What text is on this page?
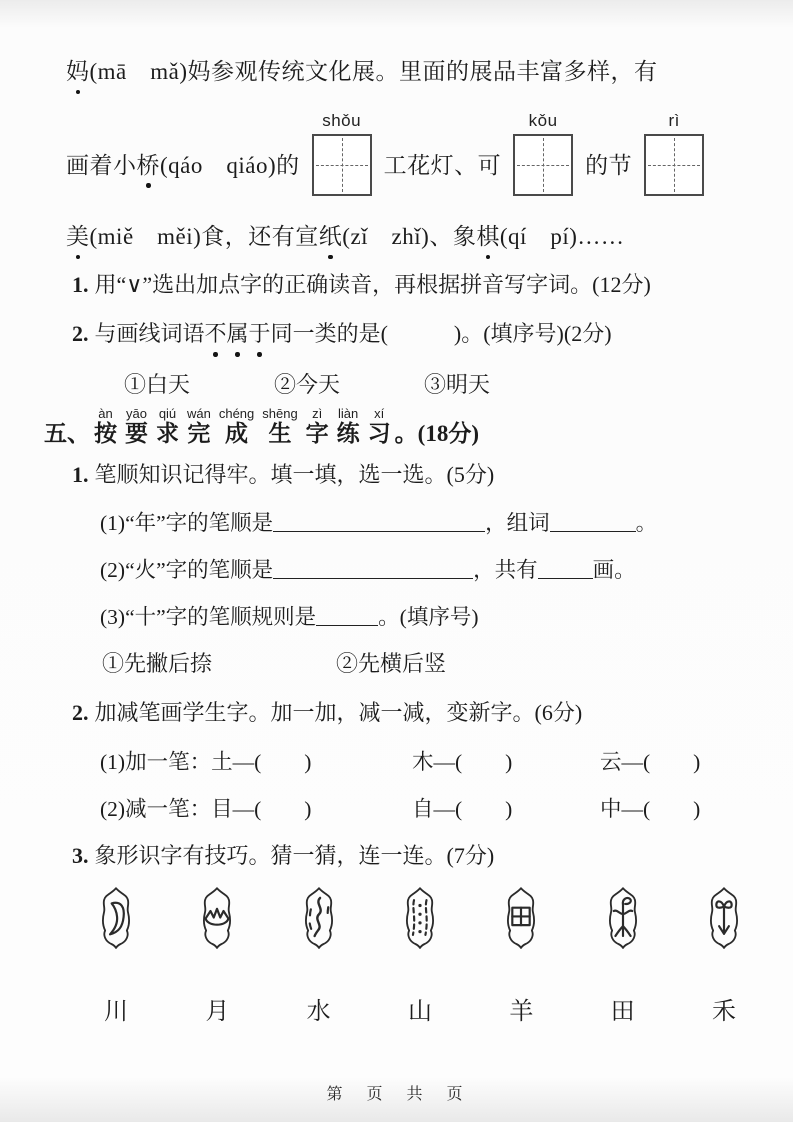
妈(mā　mǎ)妈参观传统文化展。里面的展品丰富多样，有

画着小 桥 (qáo　qiáo)的
shǒu
工花灯、可
kǒu
的节
rì

美(miě　měi)食，还有宣纸(zǐ　zhǐ)、象棋(qí　pí)……

1. 用“∨”选出加点字的正确读音，再根据拼音写字词。(12分)

2. 与画线词语不属于同一类的是(　　　)。(填序号)(2分)

①白天	②今天	③明天
五、 按àn要yāo求qiú完wán成chéng生shēng字zì练liàn习xí。(18分)

1. 笔顺知识记得牢。填一填，选一选。(5分)

(1)“年”字的笔顺是	，组词	。

(2)“火”字的笔顺是	，共有	画。

(3)“十”字的笔顺规则是	。(填序号)

①先撇后捺	②先横后竖

2. 加减笔画学生字。加一加，减一减，变新字。(6分)

(1)加一笔：土—(　　)	木—(　　)	云—(　　)
(2)减一笔：目—(　　)	自—(　　)	中—(　　)

3. 象形识字有技巧。猜一猜，连一连。(7分)

川	月	水	山	羊	田	禾
第　页　共　页
